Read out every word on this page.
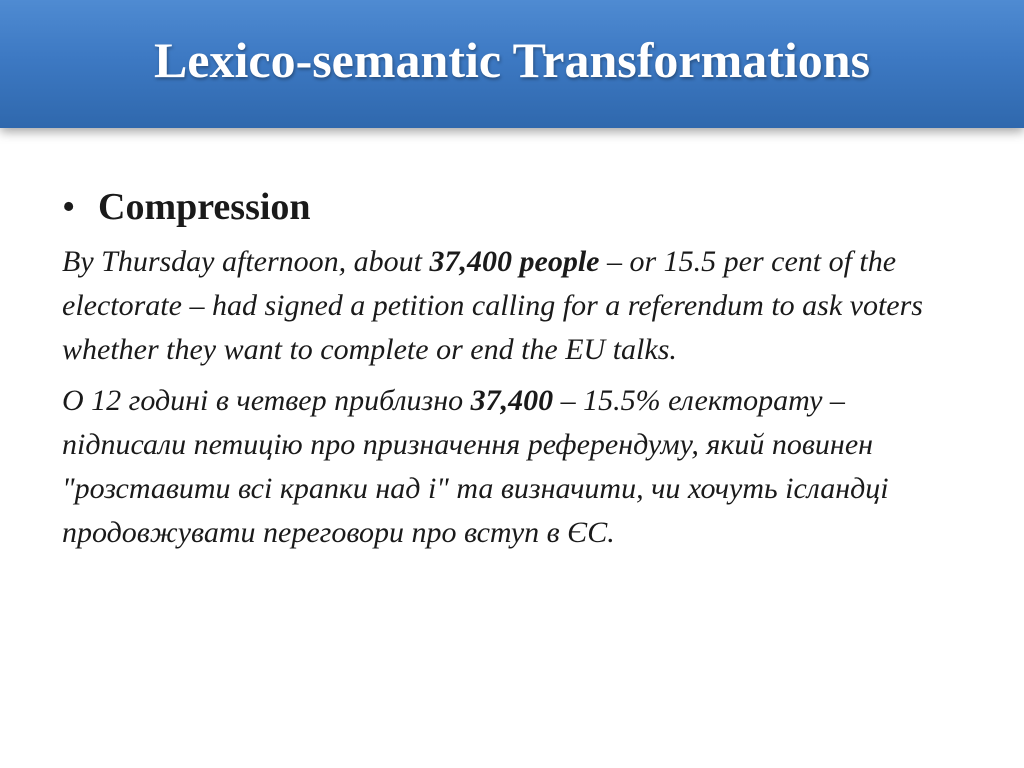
Lexico-semantic Transformations
• Compression

By Thursday afternoon, about 37,400 people – or 15.5 per cent of the electorate – had signed a petition calling for a referendum to ask voters whether they want to complete or end the EU talks.

О 12 годині в четвер приблизно 37,400 – 15.5% електорату – підписали петицію про призначення референдуму, який повинен "розставити всі крапки над і" та визначити, чи хочуть ісландці продовжувати переговори про вступ в ЄС.
